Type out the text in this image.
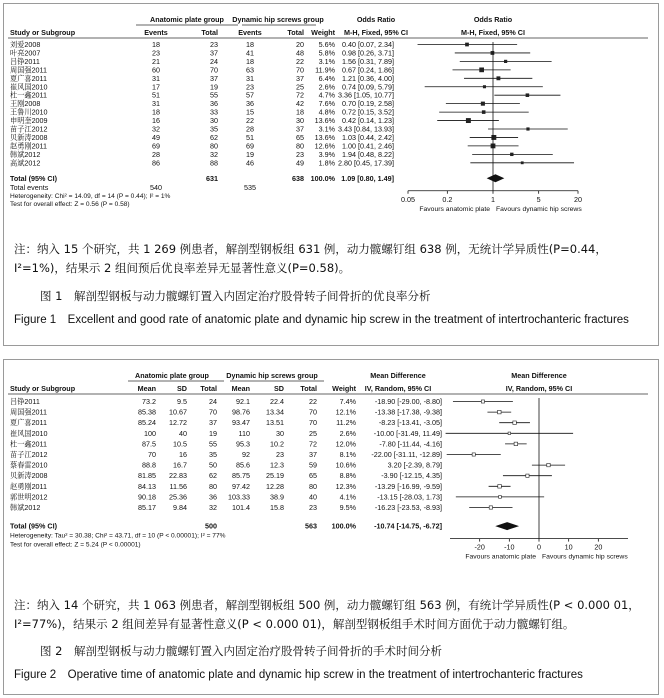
Anatomic plate group Dynamic hip screws group	Odds Ratio	Odds Ratio
Study or Subgroup	Events	Total	Events	Total Weight M-H, Fixed, 95% CI	M-H, Fixed, 95% CI
刘爱2008	18	23	18	20 5.6% 0.40 [0.07, 2.34]
叶亮2007	23	37	41	48 5.8% 0.98 [0.26, 3.71]
吕铮2011	21	24	18	22 3.1% 1.56 [0.31, 7.89]
周国强2011	60	70	63	70 11.9% 0.67 [0.24, 1.86]
夏广喜2011	31	37	31	37 6.4% 1.21 [0.36, 4.00]
崔风国2010	17	19	23	25 2.6% 0.74 [0.09, 5.79]
杜一鑫2011	51	55	57	72 4.7% 3.36 [1.05, 10.77]
王刚2008	31	36	36	42 7.6% 0.70 [0.19, 2.58]
王鲁川2010	18	33	15	18 4.8% 0.72 [0.15, 3.52]
申明奎2009	16	30	22	30 13.6% 0.42 [0.14, 1.23]
苗子江2012	32	35	28	37 3.1% 3.43 [0.84, 13.93]
贝新涛2008	49	62	51	65 13.6% 1.03 [0.44, 2.42]
赵勇刚2011	69	80	69	80 12.6% 1.00 [0.41, 2.46]
韩斌2012	28	32	19	23 3.9% 1.94 [0.48, 8.22]
高斌2012	86	88	46	49 1.8% 2.80 [0.45, 17.39]
Total (95% CI)	631	638 100.0% 1.09 [0.80, 1.49]
Total events	540	535
Heterogeneity: Chi² = 14.09, df = 14 (P = 0.44); I² = 1%
Test for overall effect: Z = 0.56 (P = 0.58)
0.05	0.2	1	5	20
Favours anatomic plate Favours dynamic hip screws
注：纳入 15 个研究，共 1 269 例患者，解剖型钢板组 631 例，动力髋螺钉组 638 例，无统计学异质性(P=0.44，I²=1%)，结果示 2 组间预后优良率差异无显著性意义(P=0.58)。
图 1　解剖型钢板与动力髋螺钉置入内固定治疗股骨转子间骨折的优良率分析
Figure 1　Excellent and good rate of anatomic plate and dynamic hip screw in the treatment of intertrochanteric fractures
Anatomic plate group Dynamic hip screws group	Mean Difference	Mean Difference
Study or Subgroup	Mean	SD Total Mean	SD Total Weight IV, Random, 95% CI	IV, Random, 95% CI
吕铮2011	73.2	9.5	24	92.1	22.4	22	7.4%	-18.90 [-29.00, -8.80]
周国强2011	85.38 10.67	70 98.76 13.34	70	12.1%	-13.38 [-17.38, -9.38]
夏广喜2011	85.24 12.72	37 93.47 13.51	70	11.2%	-8.23 [-13.41, -3.05]
崔风国2010	100	40	19	110	30	25	2.6% -10.00 [-31.49, 11.49]
杜一鑫2011	87.5 10.5	55	95.3	10.2	72	12.0%	-7.80 [-11.44, -4.16]
苗子江2012	70	16	35	92	23	37	8.1% -22.00 [-31.11, -12.89]
蔡春雷2010	88.8 16.7	50	85.6	12.3	59	10.6%	3.20 [-2.39, 8.79]
贝新涛2008	81.85 22.83	62 85.75 25.19	65	8.8%	-3.90 [-12.15, 4.35]
赵勇刚2011	84.13 11.56	80 97.42 12.28	80	12.3%	-13.29 [-16.99, -9.59]
郭世明2012	90.18 25.36	36 103.33	38.9	40	4.1%	-13.15 [-28.03, 1.73]
韩斌2012	85.17 9.84	32 101.4	15.8	23	9.5%	-16.23 [-23.53, -8.93]
Total (95% CI)	500	563 100.0%	-10.74 [-14.75, -6.72]
Heterogeneity: Tau² = 30.38; Chi² = 43.71, df = 10 (P < 0.00001); I² = 77%
Test for overall effect: Z = 5.24 (P < 0.00001)	-20	-10	0	10	20
Favours anatomic plate Favours dynamic hip screws
注：纳入 14 个研究，共 1 063 例患者，解剖型钢板组 500 例，动力髋螺钉组 563 例，有统计学异质性(P < 0.000 01，I²=77%)，结果示 2 组间差异有显著性意义(P < 0.000 01)，解剖型钢板组手术时间方面优于动力髋螺钉组。
图 2　解剖型钢板与动力髋螺钉置入内固定治疗股骨转子间骨折的手术时间分析
Figure 2　Operative time of anatomic plate and dynamic hip screw in the treatment of intertrochanteric fractures
